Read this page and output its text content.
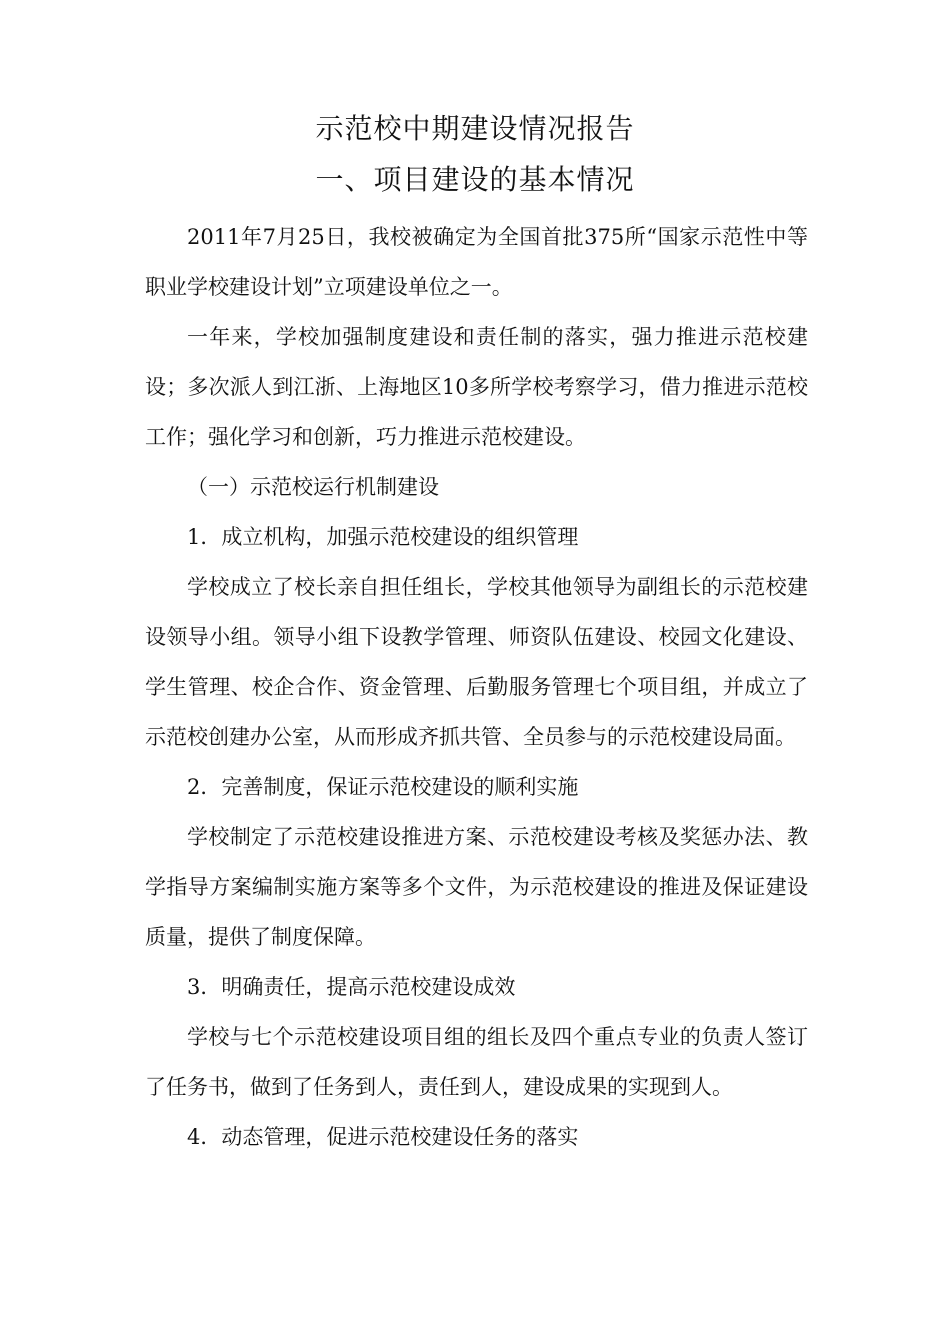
示范校中期建设情况报告
一、项目建设的基本情况

2011年7月25日，我校被确定为全国首批375所“国家示范性中等职业学校建设计划”立项建设单位之一。

一年来，学校加强制度建设和责任制的落实，强力推进示范校建设；多次派人到江浙、上海地区10多所学校考察学习，借力推进示范校工作；强化学习和创新，巧力推进示范校建设。

（一）示范校运行机制建设

1．成立机构，加强示范校建设的组织管理

学校成立了校长亲自担任组长，学校其他领导为副组长的示范校建设领导小组。领导小组下设教学管理、师资队伍建设、校园文化建设、学生管理、校企合作、资金管理、后勤服务管理七个项目组，并成立了示范校创建办公室，从而形成齐抓共管、全员参与的示范校建设局面。

2．完善制度，保证示范校建设的顺利实施

学校制定了示范校建设推进方案、示范校建设考核及奖惩办法、教学指导方案编制实施方案等多个文件，为示范校建设的推进及保证建设质量，提供了制度保障。

3．明确责任，提高示范校建设成效

学校与七个示范校建设项目组的组长及四个重点专业的负责人签订了任务书，做到了任务到人，责任到人，建设成果的实现到人。

4．动态管理，促进示范校建设任务的落实
